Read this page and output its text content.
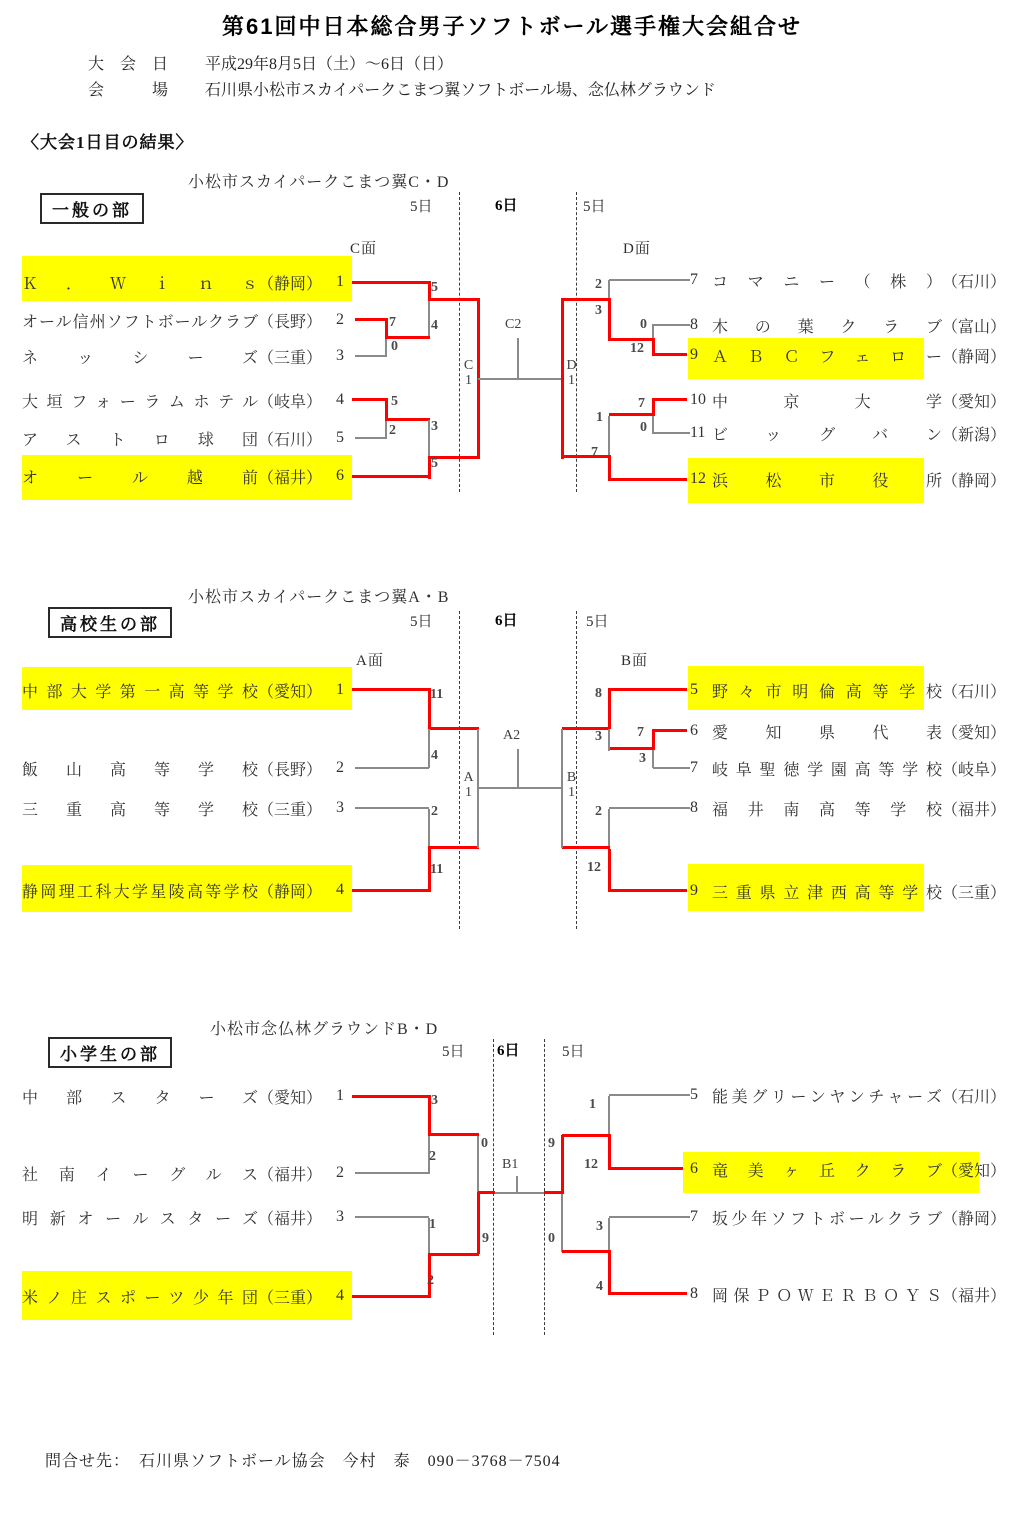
第61回中日本総合男子ソフトボール選手権大会組合せ
大会日 平成29年8月5日（土）～6日（日）
会場 石川県小松市スカイパークこまつ翼ソフトボール場、念仏林グラウンド
〈大会1日目の結果〉
小松市スカイパークこまつ翼C・D
5日	6日	5日
一般の部
C面	D面
C1
C2
D1
Ｋ．Ｗｉｎｓ （静岡） 1
オール信州ソフトボールクラブ （長野） 2
ネッシーズ （三重） 3
大垣フォーラムホテル （岐阜） 4
アストロ球団 （石川） 5
オール越前 （福井） 6
7 コマニー（株） （石川）
8 木の葉クラブ （富山）
9 ＡＢＣフェロー （静岡）
10 中京大学 （愛知）
11 ビッグバン （新潟）
12 浜松市役所 （静岡）
5
4
7
0
5
2	3
5
2
3
0
12
7
0
1
7
小松市スカイパークこまつ翼A・B
5日	6日	5日
高校生の部
A面	B面
A1
A2
B1
中部大学第一高等学校 （愛知） 1
飯山高等学校 （長野） 2
三重高等学校 （三重） 3
静岡理工科大学星陵高等学校 （静岡） 4
5 野々市明倫高等学校 （石川）
6 愛知県代表 （愛知）
7 岐阜聖徳学園高等学校 （岐阜）
8 福井南高等学校 （福井）
9 三重県立津西高等学校 （三重）
11
4
2
11
8
3	7
3
2
12
小松市念仏林グラウンドB・D
5日 6日	5日
小学生の部
B1
中部スターズ （愛知） 1
社南イーグルス （福井） 2
明新オールスターズ （福井） 3
米ノ庄スポーツ少年団 （三重） 4
5 能美グリーンヤンチャーズ （石川）
6 竜美ヶ丘クラブ （愛知）
7 坂少年ソフトボールクラブ （静岡）
8 岡保ＰＯＷＥＲＢＯＹＳ （福井）
3
2
1
2
0
9
9
0
1
12
3
4
問合せ先：　石川県ソフトボール協会　今村　泰　090－3768－7504
